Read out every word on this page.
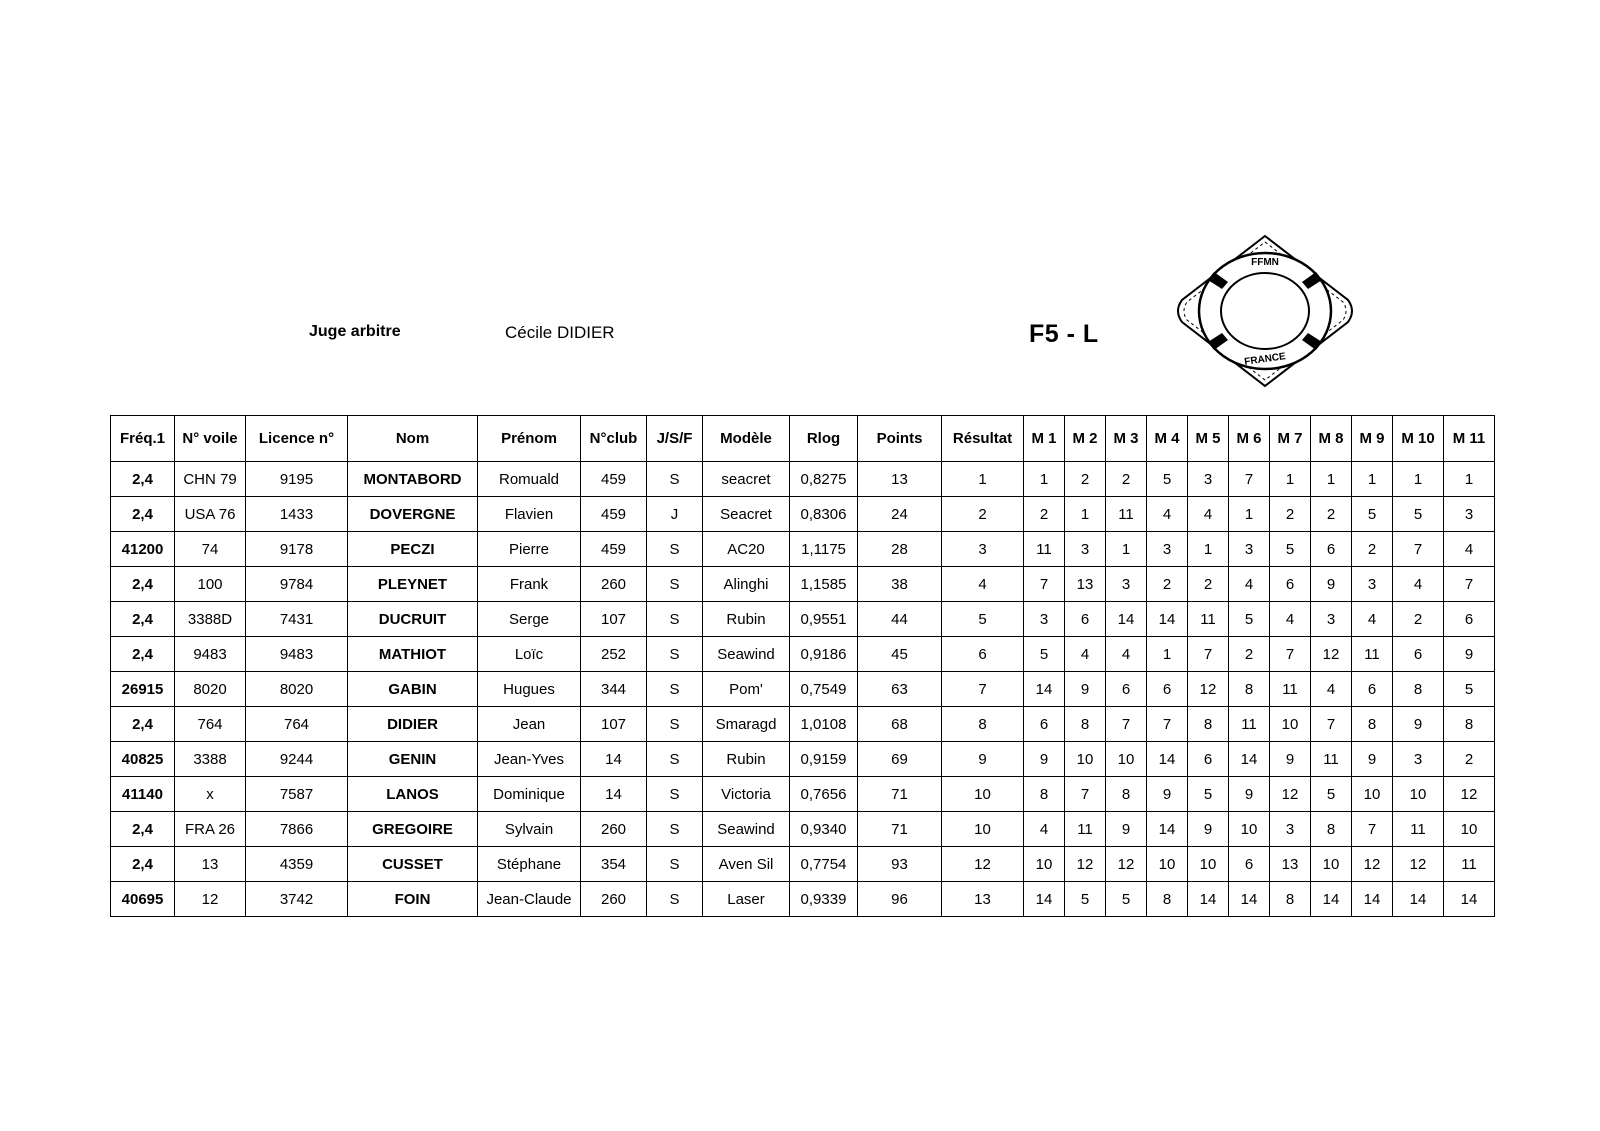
Juge arbitre	Cécile DIDIER	F5 - L
FFMN
FRANCE
Fréq.1	N° voile	Licence n°	Nom	Prénom	N°club	J/S/F	Modèle	Rlog	Points	Résultat	M 1	M 2	M 3	M 4	M 5	M 6	M 7	M 8	M 9	M 10	M 11
2,4	CHN 79	9195	MONTABORD	Romuald	459	S	seacret	0,8275	13	1	1	2	2	5	3	7	1	1	1	1	1
2,4	USA 76	1433	DOVERGNE	Flavien	459	J	Seacret	0,8306	24	2	2	1	11	4	4	1	2	2	5	5	3
41200	74	9178	PECZI	Pierre	459	S	AC20	1,1175	28	3	11	3	1	3	1	3	5	6	2	7	4
2,4	100	9784	PLEYNET	Frank	260	S	Alinghi	1,1585	38	4	7	13	3	2	2	4	6	9	3	4	7
2,4	3388D	7431	DUCRUIT	Serge	107	S	Rubin	0,9551	44	5	3	6	14	14	11	5	4	3	4	2	6
2,4	9483	9483	MATHIOT	Loïc	252	S	Seawind	0,9186	45	6	5	4	4	1	7	2	7	12	11	6	9
26915	8020	8020	GABIN	Hugues	344	S	Pom'	0,7549	63	7	14	9	6	6	12	8	11	4	6	8	5
2,4	764	764	DIDIER	Jean	107	S	Smaragd	1,0108	68	8	6	8	7	7	8	11	10	7	8	9	8
40825	3388	9244	GENIN	Jean-Yves	14	S	Rubin	0,9159	69	9	9	10	10	14	6	14	9	11	9	3	2
41140	x	7587	LANOS	Dominique	14	S	Victoria	0,7656	71	10	8	7	8	9	5	9	12	5	10	10	12
2,4	FRA 26	7866	GREGOIRE	Sylvain	260	S	Seawind	0,9340	71	10	4	11	9	14	9	10	3	8	7	11	10
2,4	13	4359	CUSSET	Stéphane	354	S	Aven Sil	0,7754	93	12	10	12	12	10	10	6	13	10	12	12	11
40695	12	3742	FOIN	Jean-Claude	260	S	Laser	0,9339	96	13	14	5	5	8	14	14	8	14	14	14	14
